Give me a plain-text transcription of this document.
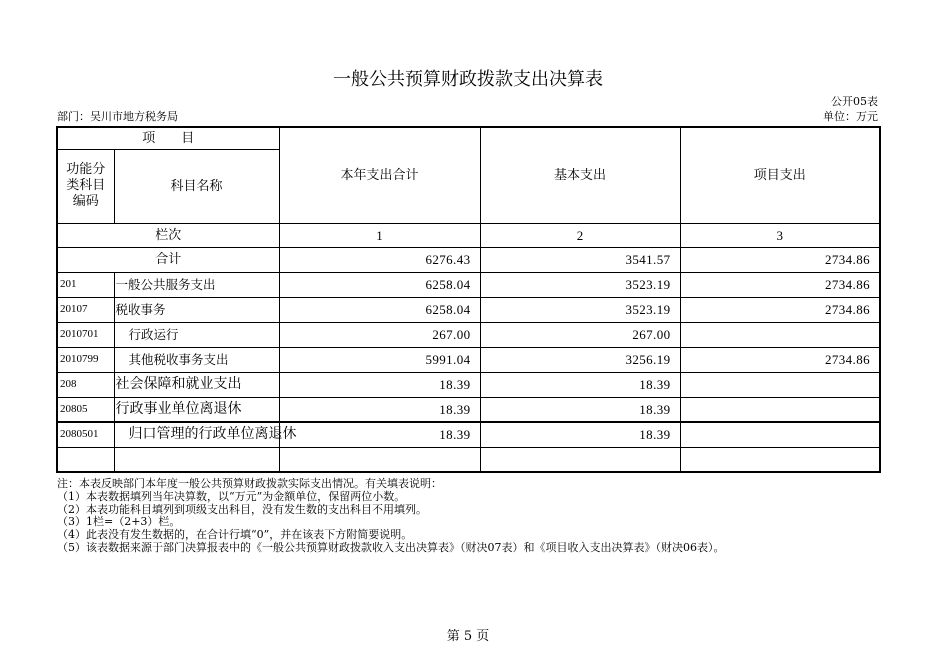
一般公共预算财政拨款支出决算表
公开05表
部门：吴川市地方税务局	单位：万元
项　　目		本年支出合计	基本支出	项目支出
功能分类科目编码	科目名称			
栏次		1	2	3
合计		6276.43	3541.57	2734.86
201	一般公共服务支出	6258.04	3523.19	2734.86
20107	税收事务	6258.04	3523.19	2734.86
2010701	行政运行	267.00	267.00	
2010799	其他税收事务支出	5991.04	3256.19	2734.86
208	社会保障和就业支出	18.39	18.39	
20805	行政事业单位离退休	18.39	18.39	
2080501	归口管理的行政单位离退休	18.39	18.39	

注：本表反映部门本年度一般公共预算财政拨款实际支出情况。有关填表说明：
（1）本表数据填列当年决算数，以“万元”为金额单位，保留两位小数。
（2）本表功能科目填列到项级支出科目，没有发生数的支出科目不用填列。
（3）1栏=（2+3）栏。
（4）此表没有发生数据的，在合计行填“0”，并在该表下方附简要说明。
（5）该表数据来源于部门决算报表中的《一般公共预算财政拨款收入支出决算表》（财决07表）和《项目收入支出决算表》（财决06表）。
第 5 页
